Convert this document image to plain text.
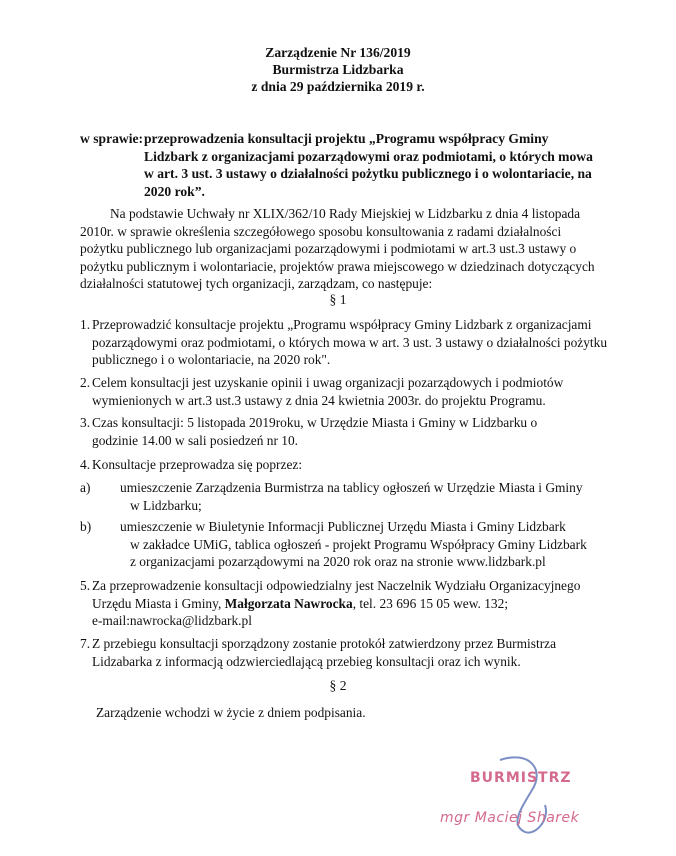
Zarządzenie Nr 136/2019
Burmistrza Lidzbarka
z dnia 29 października 2019 r.
w sprawie: przeprowadzenia konsultacji projektu „Programu współpracy Gminy
Lidzbark z organizacjami pozarządowymi oraz podmiotami, o których mowa
w art. 3 ust. 3 ustawy o działalności pożytku publicznego i o wolontariacie, na
2020 rok”.
Na podstawie Uchwały nr XLIX/362/10 Rady Miejskiej w Lidzbarku z dnia 4 listopada
2010r. w sprawie określenia szczegółowego sposobu konsultowania z radami działalności
pożytku publicznego lub organizacjami pozarządowymi i podmiotami w art.3 ust.3 ustawy o
pożytku publicznym i wolontariacie, projektów prawa miejscowego w dziedzinach dotyczących
działalności statutowej tych organizacji, zarządzam, co następuje:
§ 1
1. Przeprowadzić konsultacje projektu „Programu współpracy Gminy Lidzbark z organizacjami
pozarządowymi oraz podmiotami, o których mowa w art. 3 ust. 3 ustawy o działalności pożytku
publicznego i o wolontariacie, na 2020 rok".
2. Celem konsultacji jest uzyskanie opinii i uwag organizacji pozarządowych i podmiotów
wymienionych w art.3 ust.3 ustawy z dnia 24 kwietnia 2003r. do projektu Programu.
3. Czas konsultacji: 5 listopada 2019roku, w Urzędzie Miasta i Gminy w Lidzbarku o
godzinie 14.00 w sali posiedzeń nr 10.
4. Konsultacje przeprowadza się poprzez:
a) umieszczenie Zarządzenia Burmistrza na tablicy ogłoszeń w Urzędzie Miasta i Gminy
w Lidzbarku;
b) umieszczenie w Biuletynie Informacji Publicznej Urzędu Miasta i Gminy Lidzbark
w zakładce UMiG, tablica ogłoszeń - projekt Programu Współpracy Gminy Lidzbark
z organizacjami pozarządowymi na 2020 rok oraz na stronie www.lidzbark.pl
5. Za przeprowadzenie konsultacji odpowiedzialny jest Naczelnik Wydziału Organizacyjnego
Urzędu Miasta i Gminy, Małgorzata Nawrocka, tel. 23 696 15 05 wew. 132;
e-mail:nawrocka@lidzbark.pl
7. Z przebiegu konsultacji sporządzony zostanie protokół zatwierdzony przez Burmistrza
Lidzabarka z informacją odzwierciedlającą przebieg konsultacji oraz ich wynik.
§ 2
Zarządzenie wchodzi w życie z dniem podpisania.
BURMISTRZ
mgr Maciej Sharek
